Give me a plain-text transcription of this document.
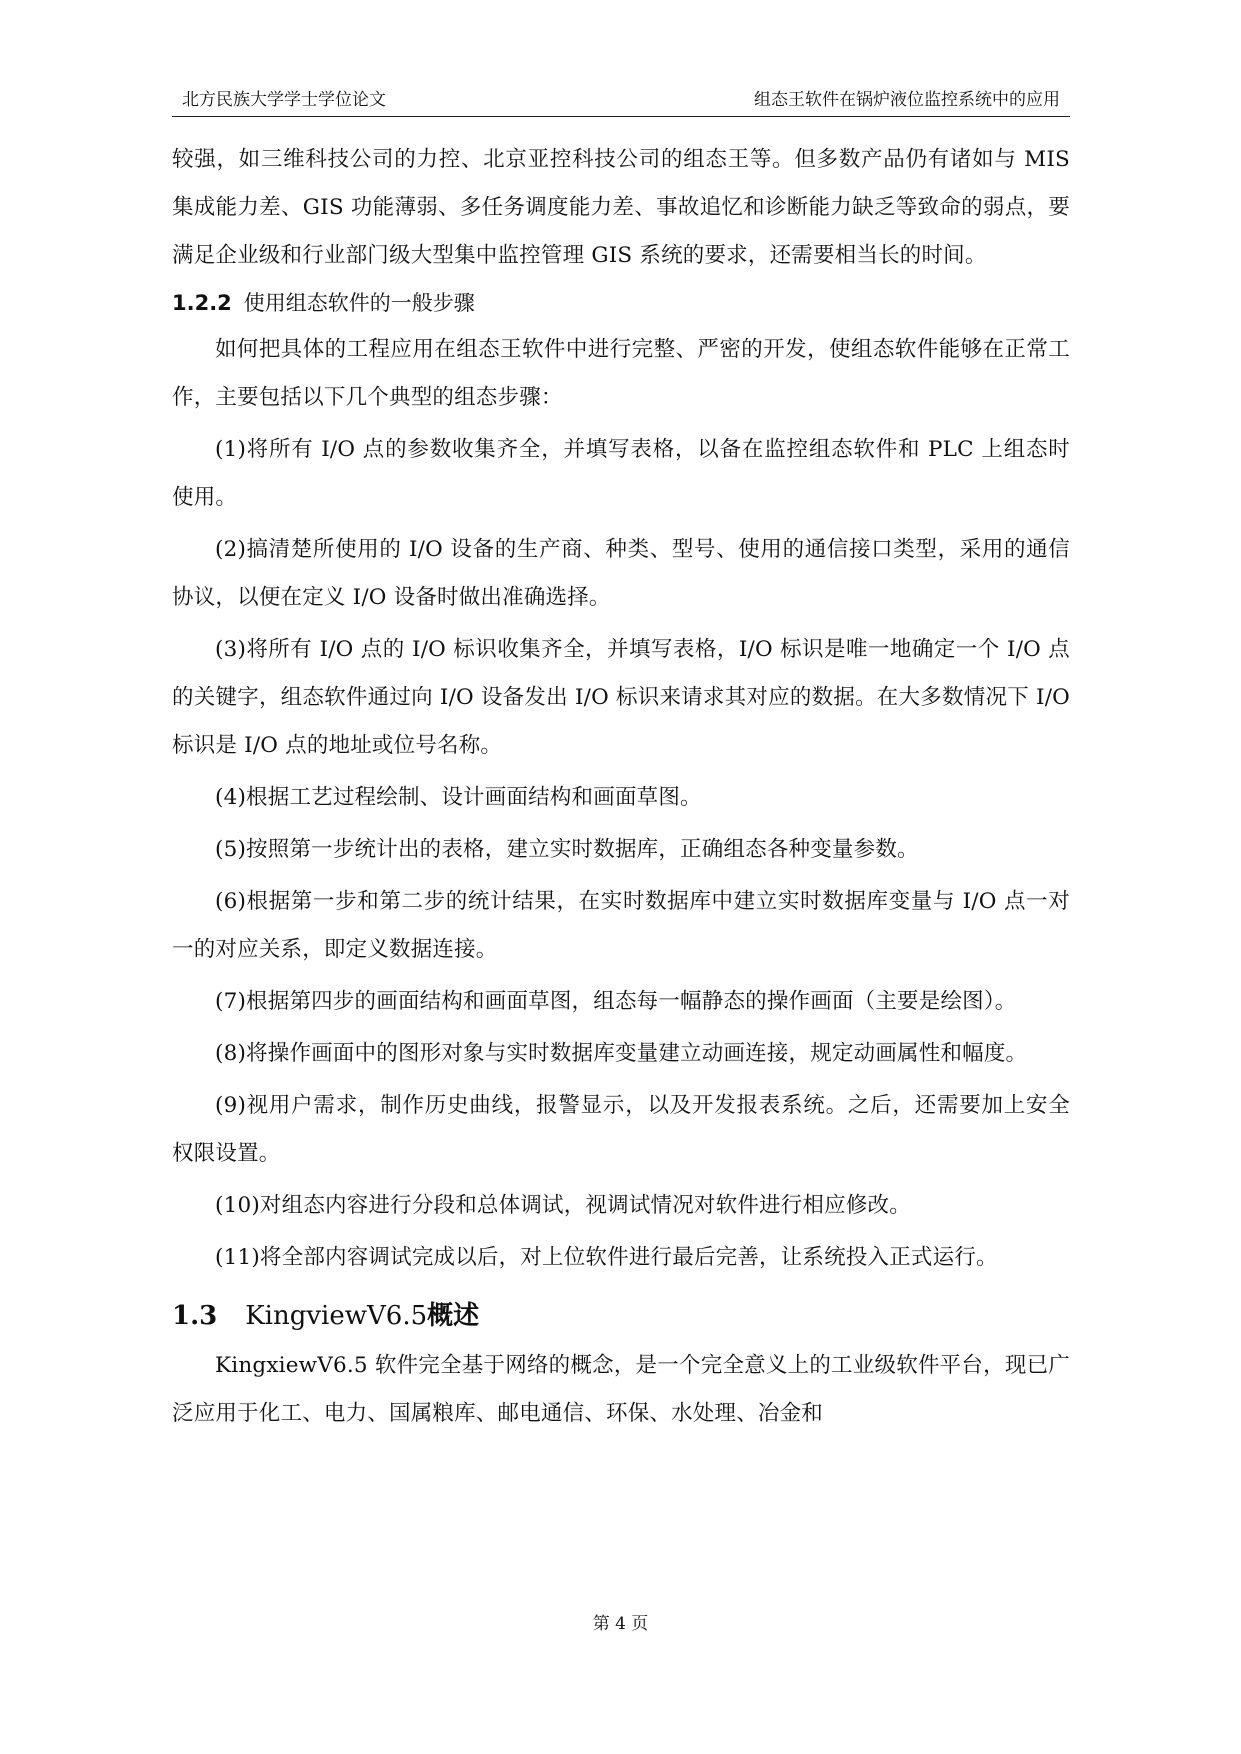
北方民族大学学士学位论文	组态王软件在锅炉液位监控系统中的应用

较强，如三维科技公司的力控、北京亚控科技公司的组态王等。但多数产品仍有诸如与 MIS 集成能力差、GIS 功能薄弱、多任务调度能力差、事故追忆和诊断能力缺乏等致命的弱点，要满足企业级和行业部门级大型集中监控管理 GIS 系统的要求，还需要相当长的时间。

1.2.2 使用组态软件的一般步骤

如何把具体的工程应用在组态王软件中进行完整、严密的开发，使组态软件能够在正常工作，主要包括以下几个典型的组态步骤：

(1)将所有 I/O 点的参数收集齐全，并填写表格，以备在监控组态软件和 PLC 上组态时使用。

(2)搞清楚所使用的 I/O 设备的生产商、种类、型号、使用的通信接口类型，采用的通信协议，以便在定义 I/O 设备时做出准确选择。

(3)将所有 I/O 点的 I/O 标识收集齐全，并填写表格，I/O 标识是唯一地确定一个 I/O 点的关键字，组态软件通过向 I/O 设备发出 I/O 标识来请求其对应的数据。在大多数情况下 I/O 标识是 I/O 点的地址或位号名称。

(4)根据工艺过程绘制、设计画面结构和画面草图。

(5)按照第一步统计出的表格，建立实时数据库，正确组态各种变量参数。

(6)根据第一步和第二步的统计结果，在实时数据库中建立实时数据库变量与 I/O 点一对一的对应关系，即定义数据连接。

(7)根据第四步的画面结构和画面草图，组态每一幅静态的操作画面（主要是绘图）。

(8)将操作画面中的图形对象与实时数据库变量建立动画连接，规定动画属性和幅度。

(9)视用户需求，制作历史曲线，报警显示，以及开发报表系统。之后，还需要加上安全权限设置。

(10)对组态内容进行分段和总体调试，视调试情况对软件进行相应修改。

(11)将全部内容调试完成以后，对上位软件进行最后完善，让系统投入正式运行。

1.3 KingviewV6.5概述

KingxiewV6.5 软件完全基于网络的概念，是一个完全意义上的工业级软件平台，现已广泛应用于化工、电力、国属粮库、邮电通信、环保、水处理、冶金和

第 4 页
